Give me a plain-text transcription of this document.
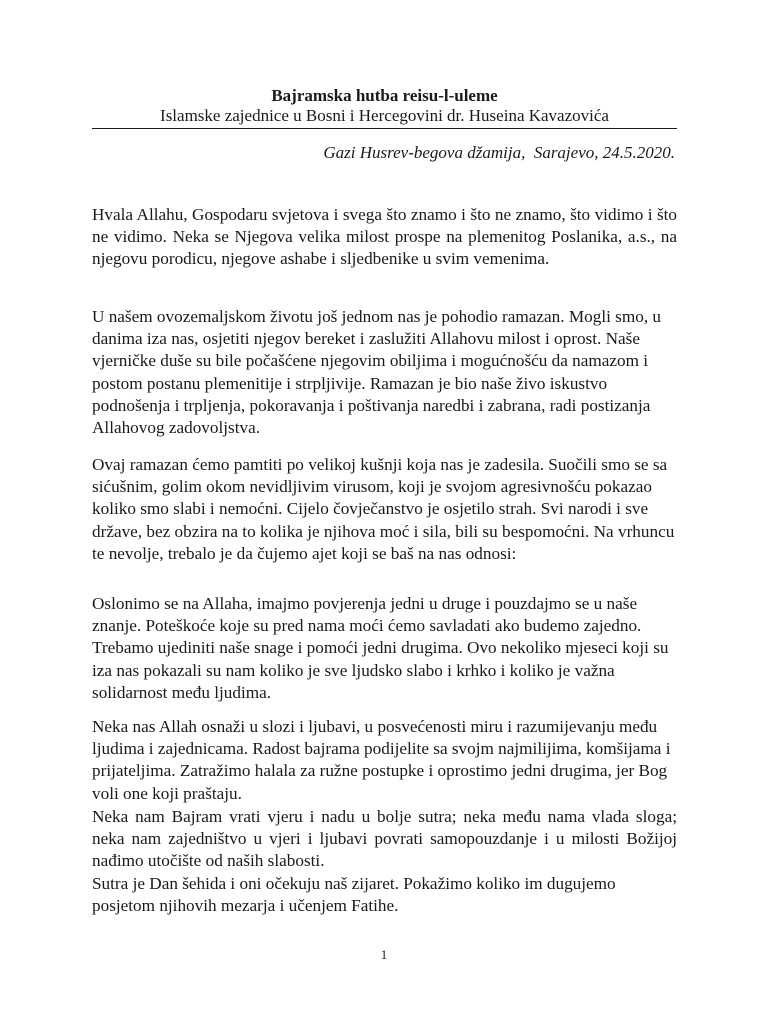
Bajramska hutba reisu-l-uleme
Islamske zajednice u Bosni i Hercegovini dr. Huseina Kavazovića
Gazi Husrev-begova džamija,  Sarajevo, 24.5.2020.

Hvala Allahu, Gospodaru svjetova i svega što znamo i što ne znamo, što vidimo i što ne vidimo. Neka se Njegova velika milost prospe na plemenitog Poslanika, a.s., na njegovu porodicu, njegove ashabe i sljedbenike u svim vemenima.

U našem ovozemaljskom životu još jednom nas je pohodio ramazan. Mogli smo, u danima iza nas, osjetiti njegov bereket i zaslužiti Allahovu milost i oprost. Naše vjerničke duše su bile počašćene njegovim obiljima i mogućnošću da namazom i postom postanu plemenitije i strpljivije. Ramazan je bio naše živo iskustvo podnošenja i trpljenja, pokoravanja i poštivanja naredbi i zabrana, radi postizanja Allahovog zadovoljstva.

Ovaj ramazan ćemo pamtiti po velikoj kušnji koja nas je zadesila. Suočili smo se sa sićušnim, golim okom nevidljivim virusom, koji je svojom agresivnošću pokazao koliko smo slabi i nemoćni. Cijelo čovječanstvo je osjetilo strah. Svi narodi i sve države, bez obzira na to kolika je njihova moć i sila, bili su bespomoćni. Na vrhuncu te nevolje, trebalo je da čujemo ajet koji se baš na nas odnosi:

Oslonimo se na Allaha, imajmo povjerenja jedni u druge i pouzdajmo se u naše znanje. Poteškoće koje su pred nama moći ćemo savladati ako budemo zajedno. Trebamo ujediniti naše snage i pomoći jedni drugima. Ovo nekoliko mjeseci koji su iza nas pokazali su nam koliko je sve ljudsko slabo i krhko i koliko je važna solidarnost među ljudima.

Neka nas Allah osnaži u slozi i ljubavi, u posvećenosti miru i razumijevanju među ljudima i zajednicama. Radost bajrama podijelite sa svojm najmilijima, komšijama i prijateljima. Zatražimo halala za ružne postupke i oprostimo jedni drugima, jer Bog voli one koji praštaju.

Neka nam Bajram vrati vjeru i nadu u bolje sutra; neka među nama vlada sloga; neka nam zajedništvo u vjeri i ljubavi povrati samopouzdanje i u milosti Božijoj nađimo utočište od naših slabosti.

Sutra je Dan šehida i oni očekuju naš zijaret. Pokažimo koliko im dugujemo posjetom njihovih mezarja i učenjem Fatihe.

1
